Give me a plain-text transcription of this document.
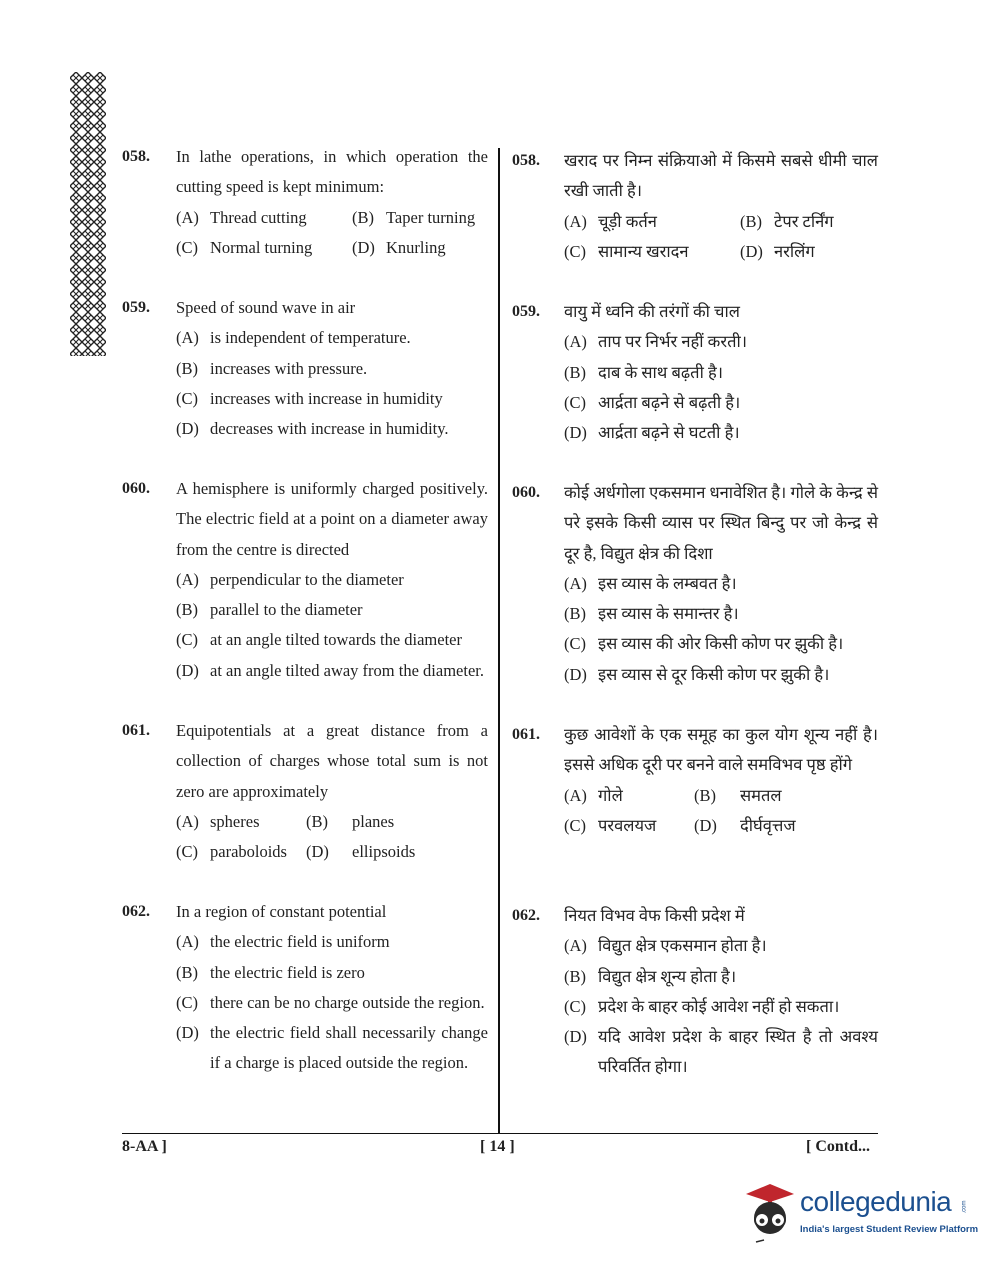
058. In lathe operations, in which operation the cutting speed is kept minimum:
(A) Thread cutting	(B) Taper turning
(C) Normal turning (D) Knurling
059. Speed of sound wave in air
(A) is independent of temperature.
(B) increases with pressure.
(C) increases with increase in humidity
(D) decreases with increase in humidity.
060. A hemisphere is uniformly charged positively. The electric field at a point on a diameter away from the centre is directed
(A) perpendicular to the diameter
(B) parallel to the diameter
(C) at an angle tilted towards the diameter
(D) at an angle tilted away from the diameter.
061. Equipotentials at a great distance from a collection of charges whose total sum is not zero are approximately
(A) spheres	(B)	planes
(C) paraboloids (D)	ellipsoids
062. In a region of constant potential
(A) the electric field is uniform
(B) the electric field is zero
(C) there can be no charge outside the region.
(D) the electric field shall necessarily change if a charge is placed outside the region.
058. खराद पर निम्न संक्रियाओ में किसमे सबसे धीमी चाल रखी जाती है।
(A) चूड़ी कर्तन	(B) टेपर टर्निंग
(C) सामान्य खरादन	(D) नरलिंग
059. वायु में ध्वनि की तरंगों की चाल
(A) ताप पर निर्भर नहीं करती।
(B) दाब के साथ बढ़ती है।
(C) आर्द्रता बढ़ने से बढ़ती है।
(D) आर्द्रता बढ़ने से घटती है।
060. कोई अर्धगोला एकसमान धनावेशित है। गोले के केन्द्र से परे इसके किसी व्यास पर स्थित बिन्दु पर जो केन्द्र से दूर है, विद्युत क्षेत्र की दिशा
(A) इस व्यास के लम्बवत है।
(B) इस व्यास के समान्तर है।
(C) इस व्यास की ओर किसी कोण पर झुकी है।
(D) इस व्यास से दूर किसी कोण पर झुकी है।
061. कुछ आवेशों के एक समूह का कुल योग शून्य नहीं है। इससे अधिक दूरी पर बनने वाले समविभव पृष्ठ होंगे
(A) गोले	(B)	समतल
(C) परवलयज (D)	दीर्घवृत्तज
062. नियत विभव वेफ किसी प्रदेश में
(A) विद्युत क्षेत्र एकसमान होता है।
(B) विद्युत क्षेत्र शून्य होता है।
(C) प्रदेश के बाहर कोई आवेश नहीं हो सकता।
(D) यदि आवेश प्रदेश के बाहर स्थित है तो अवश्य परिवर्तित होगा।
8-AA ]	[ 14 ]	[ Contd...
collegedunia .com
India's largest Student Review Platform
